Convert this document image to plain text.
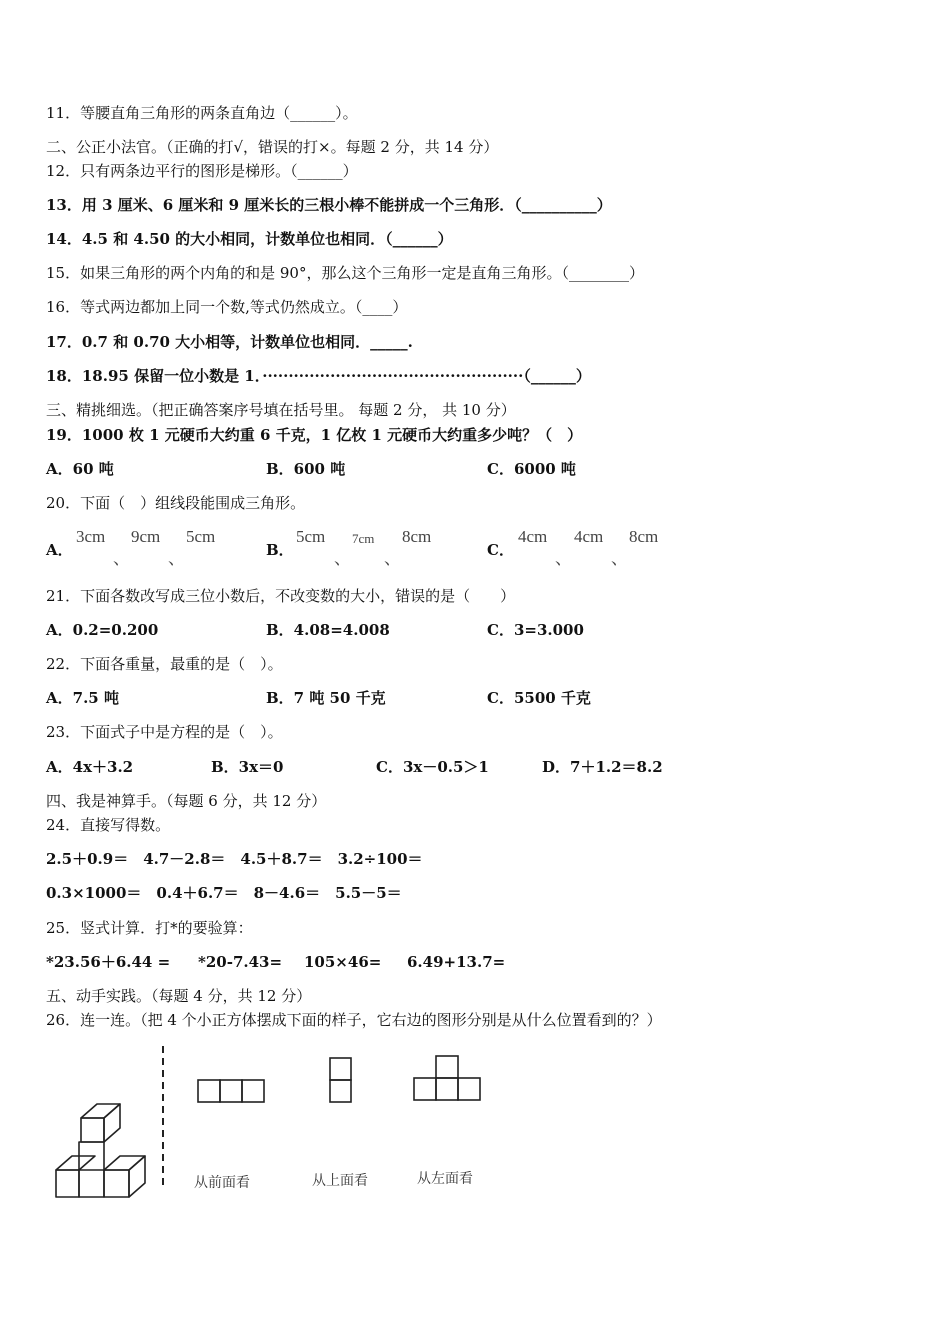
11．等腰直角三角形的两条直角边（______）。
二、公正小法官。（正确的打√，错误的打×。每题 2 分，共 14 分）
12．只有两条边平行的图形是梯形。（______）
13．用 3 厘米、6 厘米和 9 厘米长的三根小棒不能拼成一个三角形．（__________）
14．4.5 和 4.50 的大小相同，计数单位也相同．（______）
15．如果三角形的两个内角的和是 90°，那么这个三角形一定是直角三角形。（________）
16．等式两边都加上同一个数,等式仍然成立。（____）
17．0.7 和 0.70 大小相等，计数单位也相同．_____.
18．18.95 保留一位小数是 1．··················································（______）
三、精挑细选。（把正确答案序号填在括号里。 每题 2 分， 共 10 分）
19．1000 枚 1 元硬币大约重 6 千克，1 亿枚 1 元硬币大约重多少吨？（　）
A．60 吨	B．600 吨	C．6000 吨
20．下面（　）组线段能围成三角形。
A．
3cm
、
9cm
、
5cm
B．
5cm
、
7cm
、
8cm
C．
4cm
、
4cm
、
8cm
21．下面各数改写成三位小数后，不改变数的大小，错误的是（　　）
A．0.2=0.200	B．4.08=4.008	C．3=3.000
22．下面各重量，最重的是（　）。
A．7.5 吨	B．7 吨 50 千克	C．5500 千克
23．下面式子中是方程的是（　）。
A．4x＋3.2	B．3x＝0	C．3x－0.5＞1	D．7＋1.2＝8.2
四、我是神算手。（每题 6 分，共 12 分）
24．直接写得数。
2.5＋0.9＝　4.7－2.8＝　4.5＋8.7＝　3.2÷100＝
0.3×1000＝　0.4＋6.7＝　8－4.6＝　5.5－5＝
25．竖式计算．打*的要验算：
*23.56＋6.44 = *20-7.43= 105×46= 6.49+13.7=
五、动手实践。（每题 4 分，共 12 分）
26．连一连。（把 4 个小正方体摆成下面的样子，它右边的图形分别是从什么位置看到的？）
从前面看	从上面看	从左面看
